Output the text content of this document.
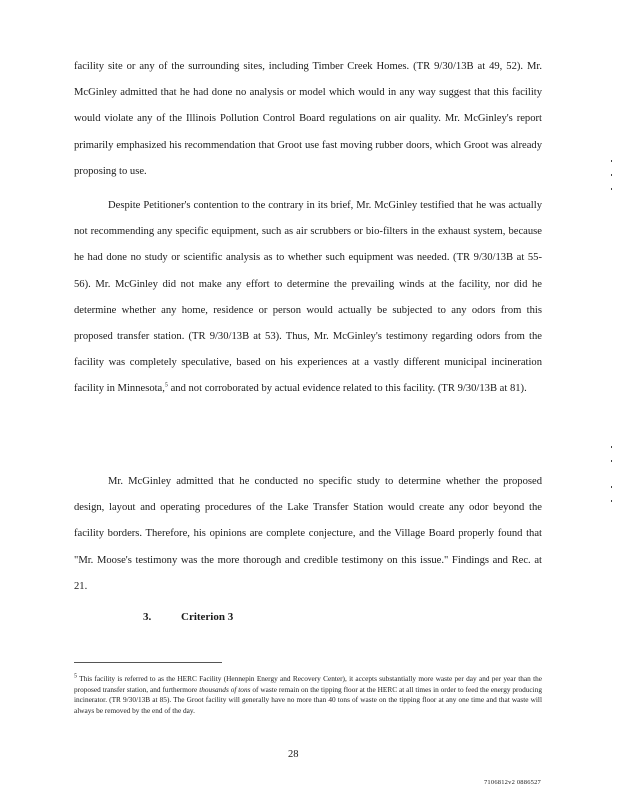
facility site or any of the surrounding sites, including Timber Creek Homes. (TR 9/30/13B at 49, 52). Mr. McGinley admitted that he had done no analysis or model which would in any way suggest that this facility would violate any of the Illinois Pollution Control Board regulations on air quality. Mr. McGinley's report primarily emphasized his recommendation that Groot use fast moving rubber doors, which Groot was already proposing to use.

Despite Petitioner's contention to the contrary in its brief, Mr. McGinley testified that he was actually not recommending any specific equipment, such as air scrubbers or bio-filters in the exhaust system, because he had done no study or scientific analysis as to whether such equipment was needed. (TR 9/30/13B at 55-56). Mr. McGinley did not make any effort to determine the prevailing winds at the facility, nor did he determine whether any home, residence or person would actually be subjected to any odors from this proposed transfer station. (TR 9/30/13B at 53). Thus, Mr. McGinley's testimony regarding odors from the facility was completely speculative, based on his experiences at a vastly different municipal incineration facility in Minnesota,$^5$ and not corroborated by actual evidence related to this facility. (TR 9/30/13B at 81).

Mr. McGinley admitted that he conducted no specific study to determine whether the proposed design, layout and operating procedures of the Lake Transfer Station would create any odor beyond the facility borders. Therefore, his opinions are complete conjecture, and the Village Board properly found that "Mr. Moose's testimony was the more thorough and credible testimony on this issue." Findings and Rec. at 21.

3.	Criterion 3

$^5$ This facility is referred to as the HERC Facility (Hennepin Energy and Recovery Center), it accepts substantially more waste per day and per year than the proposed transfer station, and furthermore thousands of tons of waste remain on the tipping floor at the HERC at all times in order to feed the energy producing incinerator. (TR 9/30/13B at 85). The Groot facility will generally have no more than 40 tons of waste on the tipping floor at any one time and that waste will always be removed by the end of the day.

28
7106812v2 0886527
